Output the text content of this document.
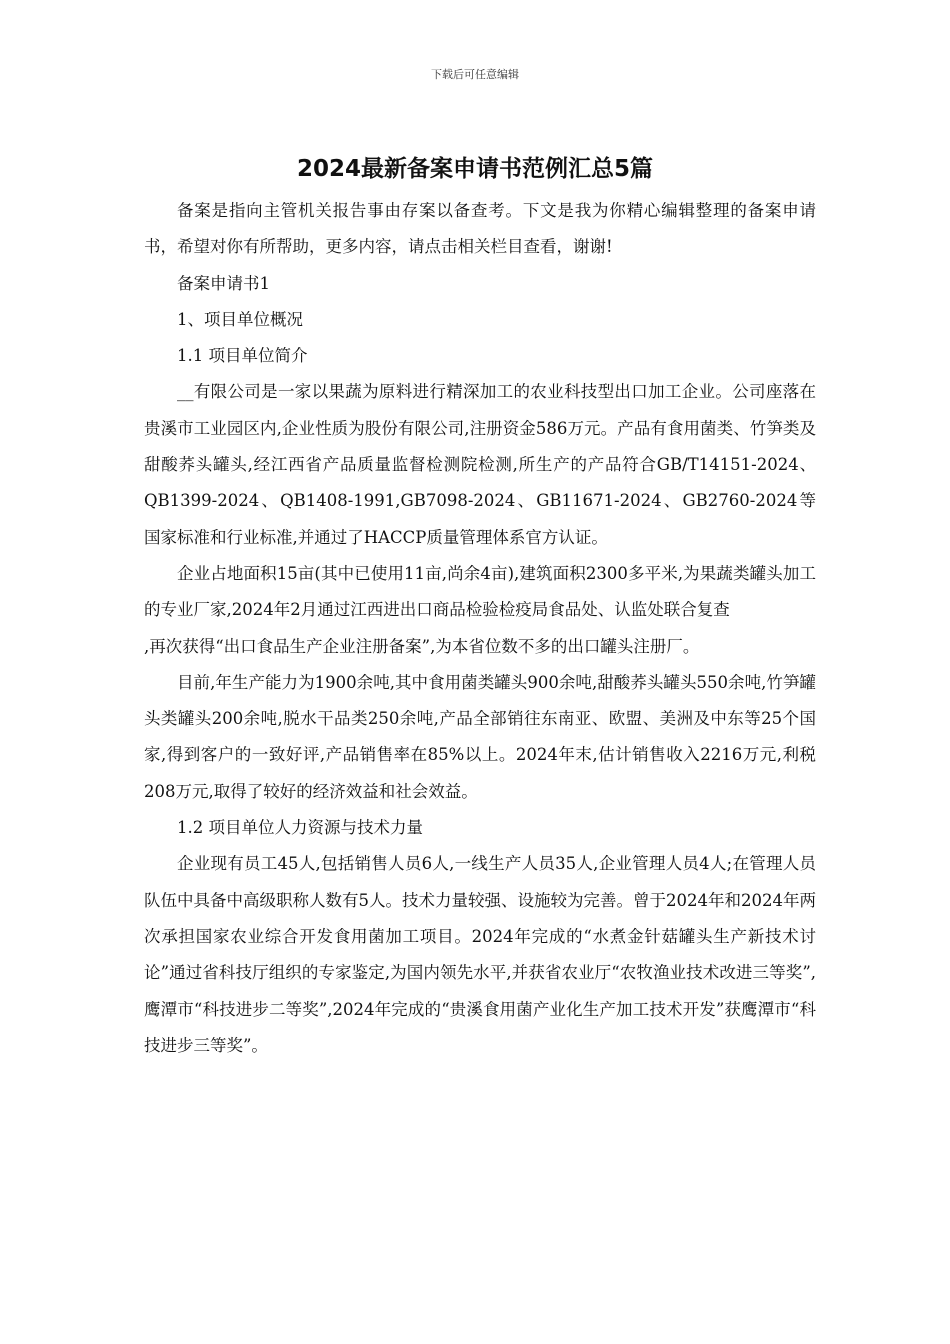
下载后可任意编辑
2024最新备案申请书范例汇总5篇

备案是指向主管机关报告事由存案以备查考。下文是我为你精心编辑整理的备案申请书，希望对你有所帮助，更多内容，请点击相关栏目查看，谢谢!

备案申请书1

1、项目单位概况

1.1 项目单位简介

__有限公司是一家以果蔬为原料进行精深加工的农业科技型出口加工企业。公司座落在贵溪市工业园区内,企业性质为股份有限公司,注册资金586万元。产品有食用菌类、竹笋类及甜酸荞头罐头,经江西省产品质量监督检测院检测,所生产的产品符合GB/T14151-2024、QB1399-2024、QB1408-1991,GB7098-2024、GB11671-2024、GB2760-2024等国家标准和行业标准,并通过了HACCP质量管理体系官方认证。

企业占地面积15亩(其中已使用11亩,尚余4亩),建筑面积2300多平米,为果蔬类罐头加工的专业厂家,2024年2月通过江西进出口商品检验检疫局食品处、认监处联合复查

,再次获得“出口食品生产企业注册备案”,为本省位数不多的出口罐头注册厂。

目前,年生产能力为1900余吨,其中食用菌类罐头900余吨,甜酸荞头罐头550余吨,竹笋罐头类罐头200余吨,脱水干品类250余吨,产品全部销往东南亚、欧盟、美洲及中东等25个国家,得到客户的一致好评,产品销售率在85%以上。2024年末,估计销售收入2216万元,利税208万元,取得了较好的经济效益和社会效益。

1.2 项目单位人力资源与技术力量

企业现有员工45人,包括销售人员6人,一线生产人员35人,企业管理人员4人;在管理人员队伍中具备中高级职称人数有5人。技术力量较强、设施较为完善。曾于2024年和2024年两次承担国家农业综合开发食用菌加工项目。2024年完成的“水煮金针菇罐头生产新技术讨论”通过省科技厅组织的专家鉴定,为国内领先水平,并获省农业厅“农牧渔业技术改进三等奖”,鹰潭市“科技进步二等奖”,2024年完成的“贵溪食用菌产业化生产加工技术开发”获鹰潭市“科技进步三等奖”。
